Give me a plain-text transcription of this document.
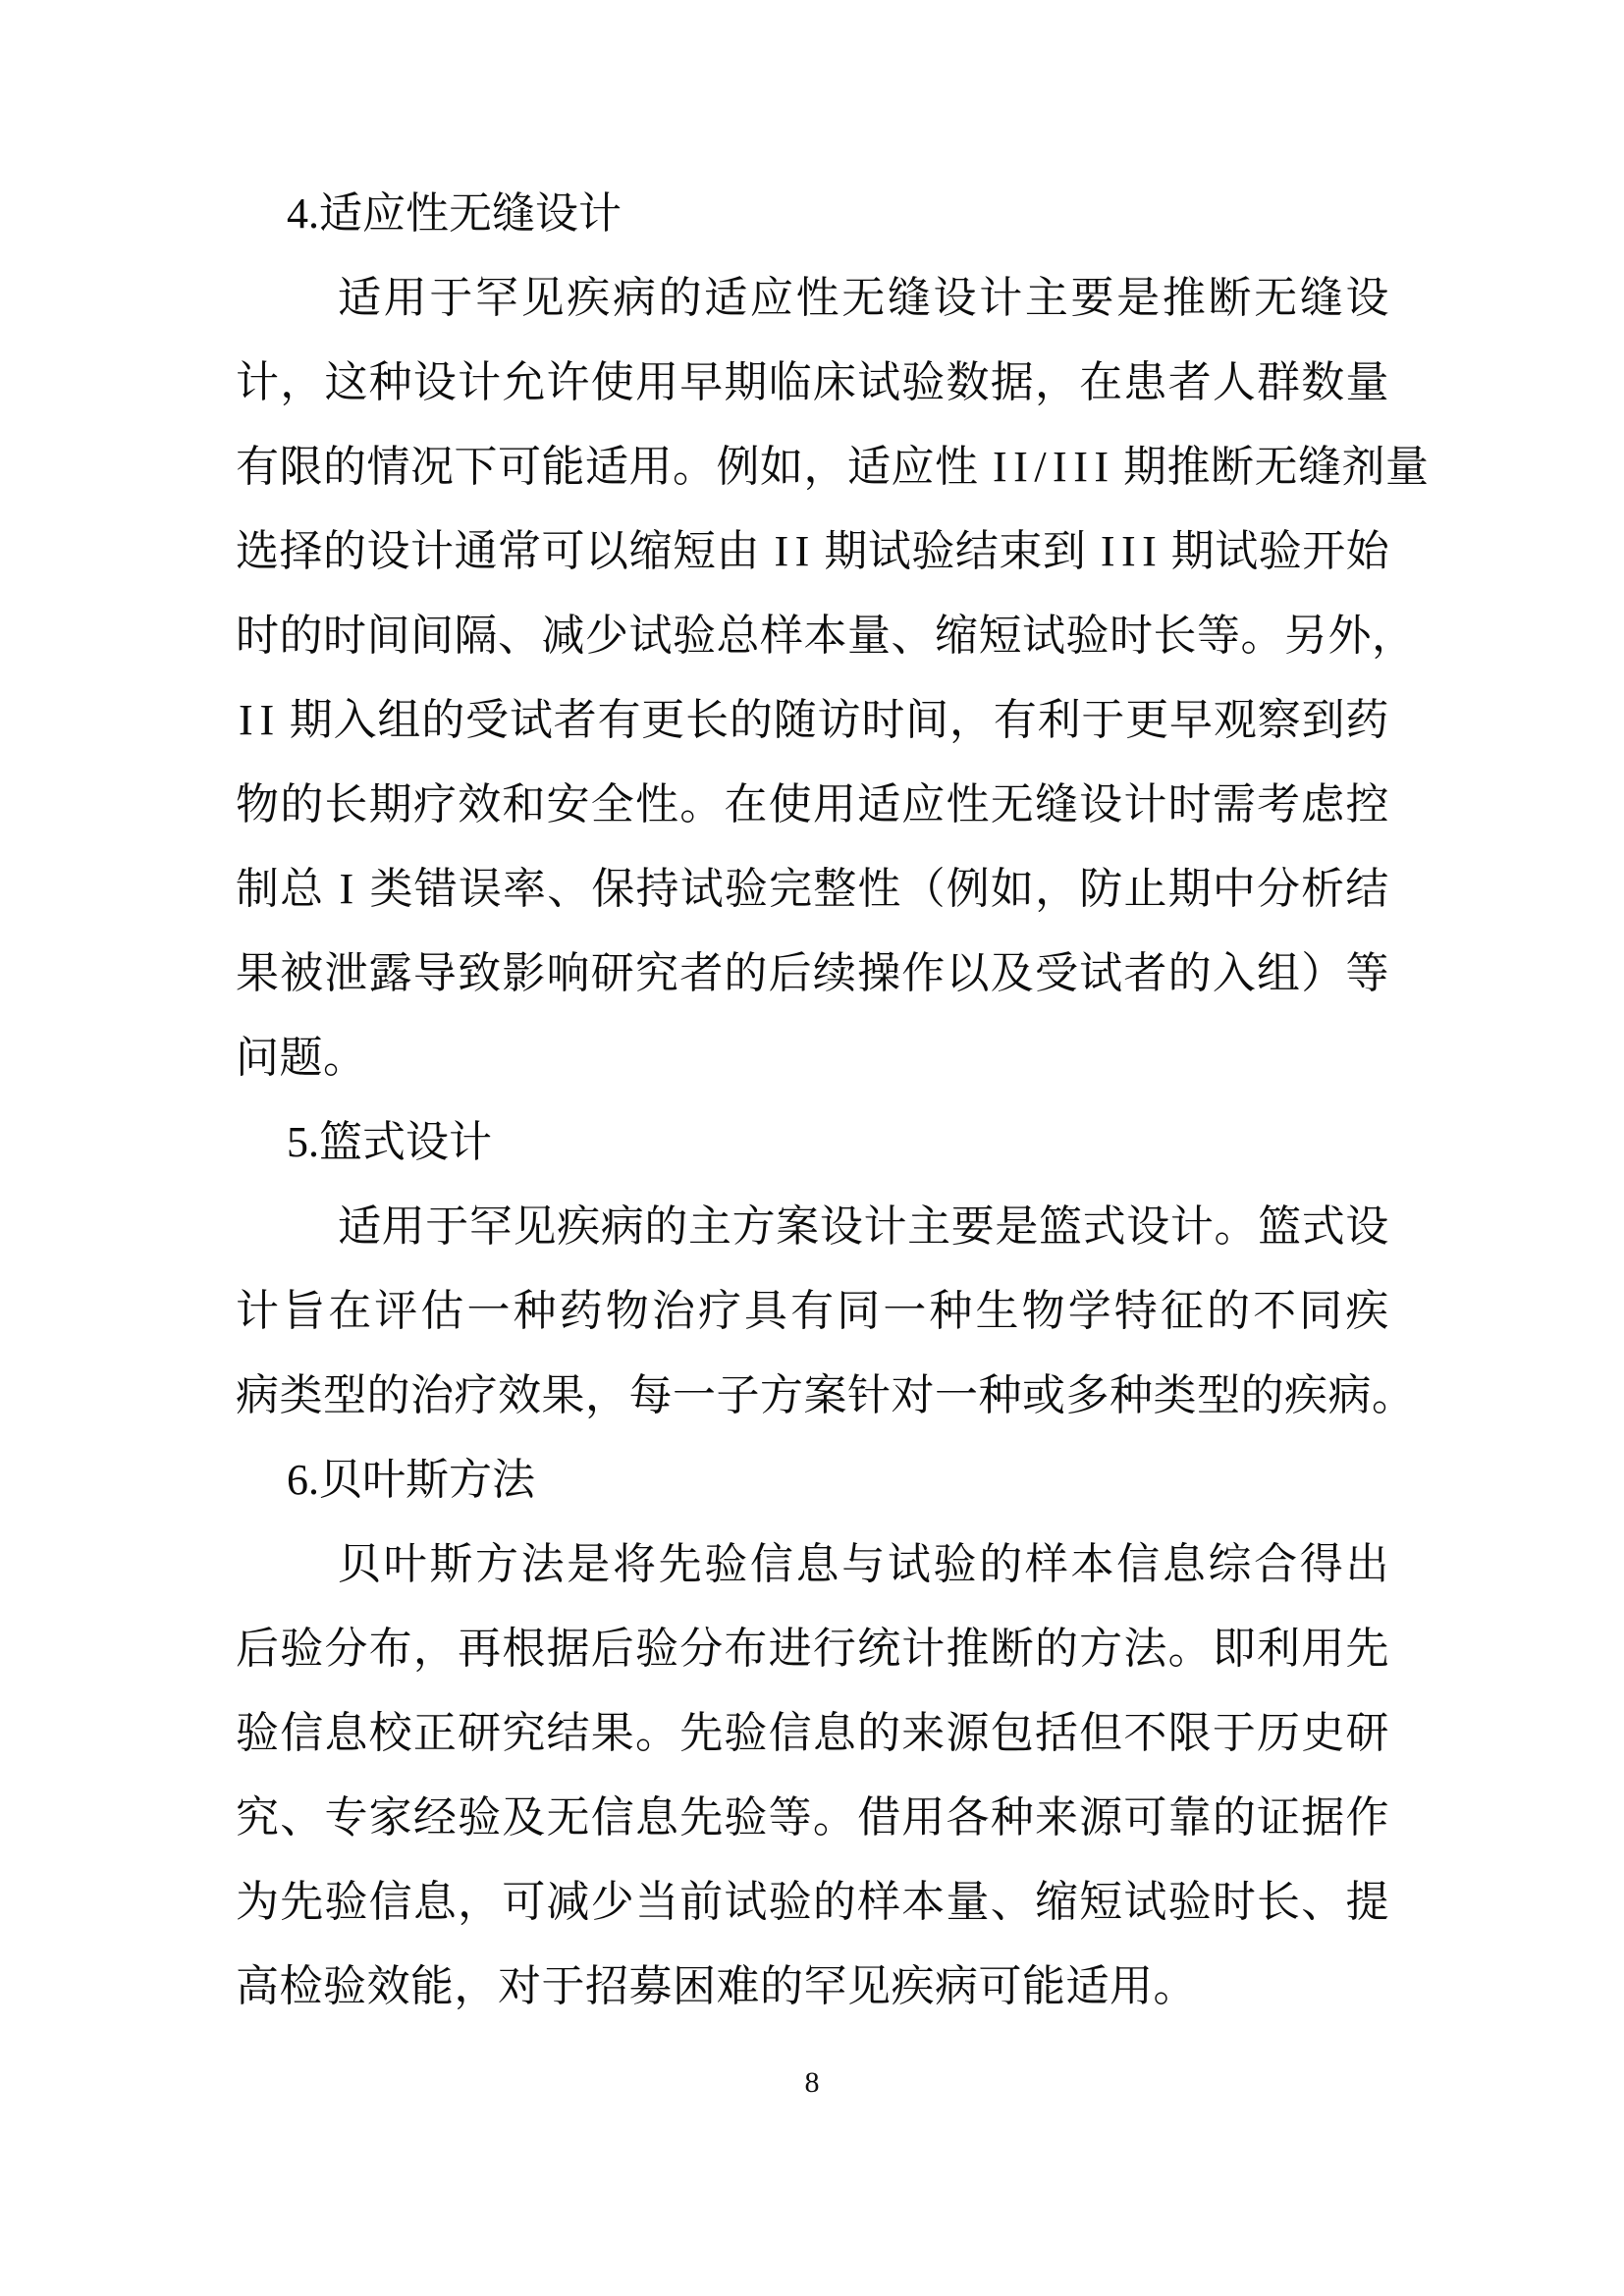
4.适应性无缝设计
适 用 于 罕 见 疾 病 的 适 应 性 无 缝 设 计 主 要 是 推 断 无 缝 设
计 ， 这 种 设 计 允 许 使 用 早 期 临 床 试 验 数 据 ， 在 患 者 人 群 数 量
有 限 的 情 况 下 可 能 适 用 。 例 如 ， 适 应 性
I I / I I I
期 推 断 无 缝 剂 量
选 择 的 设 计 通 常 可 以 缩 短 由
I I
期 试 验 结 束 到
I I I
期 试 验 开 始
时 的 时 间 间 隔 、 减 少 试 验 总 样 本 量 、 缩 短 试 验 时 长 等 。 另 外 ，
I I
期 入 组 的 受 试 者 有 更 长 的 随 访 时 间 ， 有 利 于 更 早 观 察 到 药
物 的 长 期 疗 效 和 安 全 性 。 在 使 用 适 应 性 无 缝 设 计 时 需 考 虑 控
制 总
I
类 错 误 率 、 保 持 试 验 完 整 性 （ 例 如 ， 防 止 期 中 分 析 结
果 被 泄 露 导 致 影 响 研 究 者 的 后 续 操 作 以 及 受 试 者 的 入 组 ） 等
问题。
5.篮式设计
适 用 于 罕 见 疾 病 的 主 方 案 设 计 主 要 是 篮 式 设 计 。 篮 式 设
计 旨 在 评 估 一 种 药 物 治 疗 具 有 同 一 种 生 物 学 特 征 的 不 同 疾
病类型的治疗效果，每一子方案针对一种或多种类型的疾病。
6.贝叶斯方法
贝 叶 斯 方 法 是 将 先 验 信 息 与 试 验 的 样 本 信 息 综 合 得 出
后 验 分 布 ， 再 根 据 后 验 分 布 进 行 统 计 推 断 的 方 法 。 即 利 用 先
验 信 息 校 正 研 究 结 果 。 先 验 信 息 的 来 源 包 括 但 不 限 于 历 史 研
究 、 专 家 经 验 及 无 信 息 先 验 等 。 借 用 各 种 来 源 可 靠 的 证 据 作
为 先 验 信 息 ， 可 减 少 当 前 试 验 的 样 本 量 、 缩 短 试 验 时 长 、 提
高检验效能，对于招募困难的罕见疾病可能适用。
8
